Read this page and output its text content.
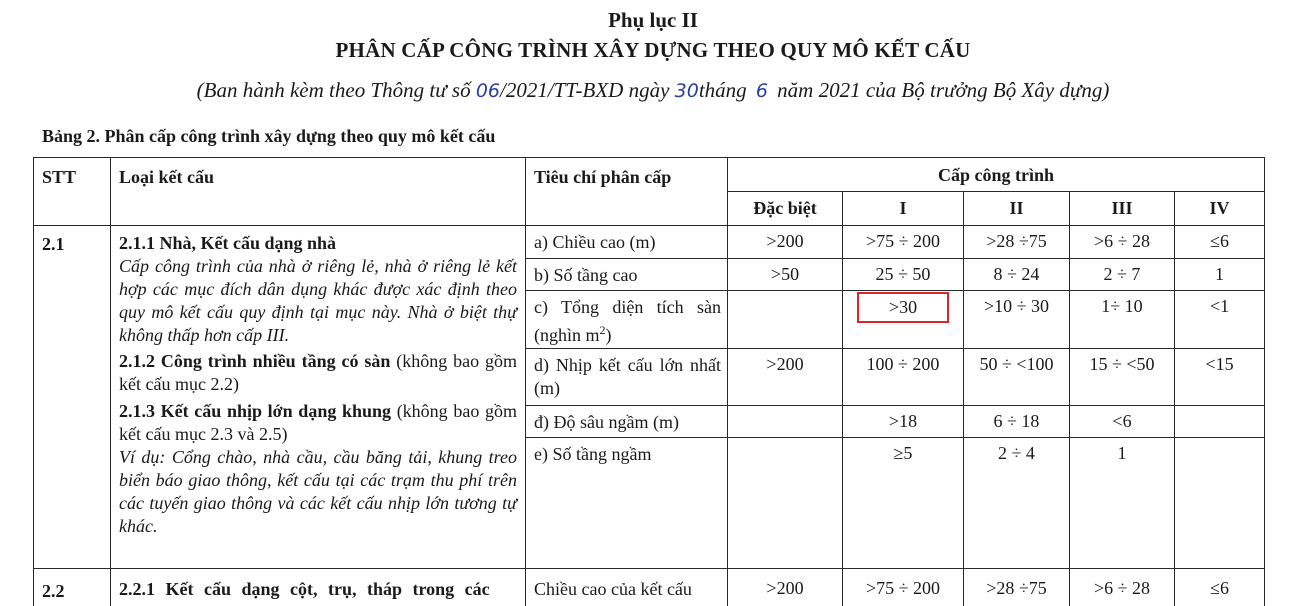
Phụ lục II
PHÂN CẤP CÔNG TRÌNH XÂY DỰNG THEO QUY MÔ KẾT CẤU
(Ban hành kèm theo Thông tư số 06/2021/TT-BXD ngày 30tháng 6 năm 2021 của Bộ trưởng Bộ Xây dựng)
Bảng 2. Phân cấp công trình xây dựng theo quy mô kết cấu
STT	Loại kết cấu	Tiêu chí phân cấp	Cấp công trình				
			Đặc biệt	I	II	III	IV
2.1	2.1.1 Nhà, Kết cấu dạng nhà
Cấp công trình của nhà ở riêng lẻ, nhà ở riêng lẻ kết hợp các mục đích dân dụng khác được xác định theo quy mô kết cấu quy định tại mục này. Nhà ở biệt thự không thấp hơn cấp III.
2.1.2 Công trình nhiều tầng có sàn (không bao gồm kết cấu mục 2.2)
2.1.3 Kết cấu nhịp lớn dạng khung (không bao gồm kết cấu mục 2.3 và 2.5)
Ví dụ: Cổng chào, nhà cầu, cầu băng tải, khung treo biển báo giao thông, kết cấu tại các trạm thu phí trên các tuyến giao thông và các kết cấu nhịp lớn tương tự khác.	a) Chiều cao (m)	>200	>75 ÷ 200	>28 ÷75	>6 ÷ 28	≤6
		b) Số tầng cao	>50	25 ÷ 50	8 ÷ 24	2 ÷ 7	1
		c) Tổng diện tích sàn (nghìn $m^2$)		>30	>10 ÷ 30	1÷ 10	<1
		d) Nhịp kết cấu lớn nhất (m)	>200	100 ÷ 200	50 ÷ <100	15 ÷ <50	<15
		đ) Độ sâu ngầm (m)		>18	6 ÷ 18	<6	
		e) Số tầng ngầm		≥5	2 ÷ 4	1	
2.2	2.2.1 Kết cấu dạng cột, trụ, tháp trong các	Chiều cao của kết cấu	>200	>75 ÷ 200	>28 ÷75	>6 ÷ 28	≤6
